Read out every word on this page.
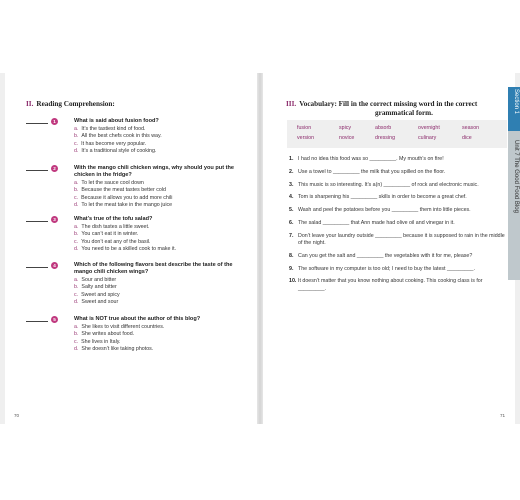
II. Reading Comprehension:
1	What is said about fusion food?
a. It’s the tastiest kind of food.
b. All the best chefs cook in this way.
c. It has become very popular.
d. It’s a traditional style of cooking.
2	With the mango chili chicken wings, why should you put the chicken in the fridge?
a. To let the sauce cool down
b. Because the meat tastes better cold
c. Because it allows you to add more chili
d. To let the meat take in the mango juice
3	What’s true of the tofu salad?
a. The dish tastes a little sweet.
b. You can’t eat it in winter.
c. You don’t eat any of the basil.
d. You need to be a skilled cook to make it.
4	Which of the following flavors best describe the taste of the mango chili chicken wings?
a. Sour and bitter
b. Salty and bitter
c. Sweet and spicy
d. Sweet and sour
5	What is NOT true about the author of this blog?
a. She likes to visit different countries.
b. She writes about food.
c. She lives in Italy.
d. She doesn’t like taking photos.
70
III. Vocabulary: Fill in the correct missing word in the correct
grammatical form.
fusion	spicy	absorb	overnight	season
version	novice	dressing	culinary	dice
1. I had no idea this food was so _________. My mouth’s on fire!
2. Use a towel to _________ the milk that you spilled on the floor.
3. This music is so interesting. It’s a(n) _________ of rock and electronic music.
4. Tom is sharpening his _________ skills in order to become a great chef.
5. Wash and peel the potatoes before you _________ them into little pieces.
6. The salad _________ that Ann made had olive oil and vinegar in it.
7. Don’t leave your laundry outside _________ because it is supposed to rain in the middle of the night.
8. Can you get the salt and _________ the vegetables with it for me, please?
9. The software in my computer is too old; I need to buy the latest _________.
10. It doesn’t matter that you know nothing about cooking. This cooking class is for _________.
71
Section 1
Unit 7 The Good Food Blog
